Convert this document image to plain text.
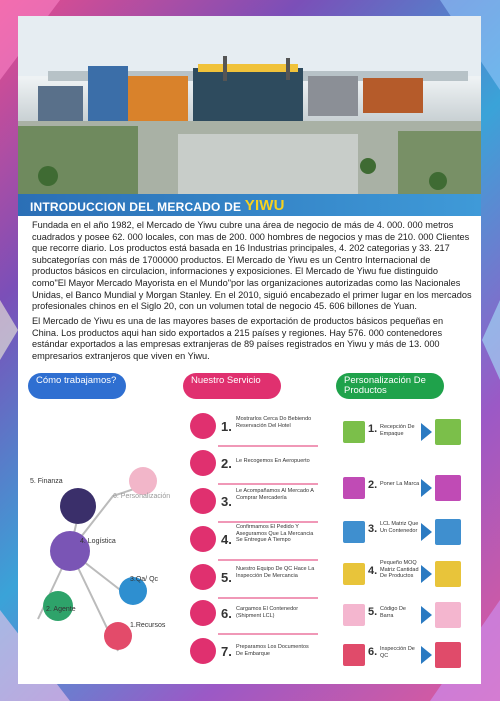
INTRODUCCION DEL MERCADO DE YIWU

Fundada en el año 1982, el Mercado de Yiwu cubre una área de negocio de más de 4. 000. 000 metros cuadrados y posee 62. 000 locales, con mas de 200. 000 hombres de negocios y mas de 210. 000 Clientes que recorre diario. Los productos está basada en 16 Industrias principales, 4. 202 categorias y 33. 217 subcategorías con más de 1700000 productos. El Mercado de Yiwu es un Centro Internacional de productos básicos en circulacion, informaciones y exposiciones. El Mercado de Yiwu fue distinguido como"El Mayor Mercado Mayorista en el Mundo"por las organizaciones autorizadas como las Nacionales Unidas, el Banco Mundial y Morgan Stanley. En el 2010, siguió encabezado el primer lugar en los mercados profesionales chinos en el Siglo 20, con un volumen total de negocio 45. 606 billones de Yuan.

El Mercado de Yiwu es una de las mayores bases de exportación de productos básicos pequeñas en China. Los productos aqui han sido exportados a 215 países y regiones. Hay 576. 000 contenedores estándar exportados a las empresas extranjeras de 89 países registrados en Yiwu y más de 13. 000 empresarios extranjeros que viven en Yiwu.

Cómo trabajamos?
5. Finanza
6. Personalización
4. Logística
3.Qa/ Qc
2. Agente
1.Recursos
Nuestro Servicio
1. Mostrarlos Cerca Do Bebiendo Reservación Del Hotel
2. Le Recogemos En Aeropuerto
3.
Le Acompañamos Al Mercado A Comprar Mercadería
4.
Confirmamos El Pedido Y Aseguramos Que La Mercancia Se Entregue A Tiempo
5.
Nuestro Equipo De QC Hace La Inspección De Mercancia
6. Cargamos El Contenedor (Shipment LCL)
7. Preparamos Los Documentos De Embarque
Personalización De Productos
1. Recepción De Empaque
2. Poner La Marca
3. LCL Matriz Que Un Contenedor
4.
Pequeño MOQ Matriz Cantidad De Productos
5. Código De Barra
6. Inspección De QC
